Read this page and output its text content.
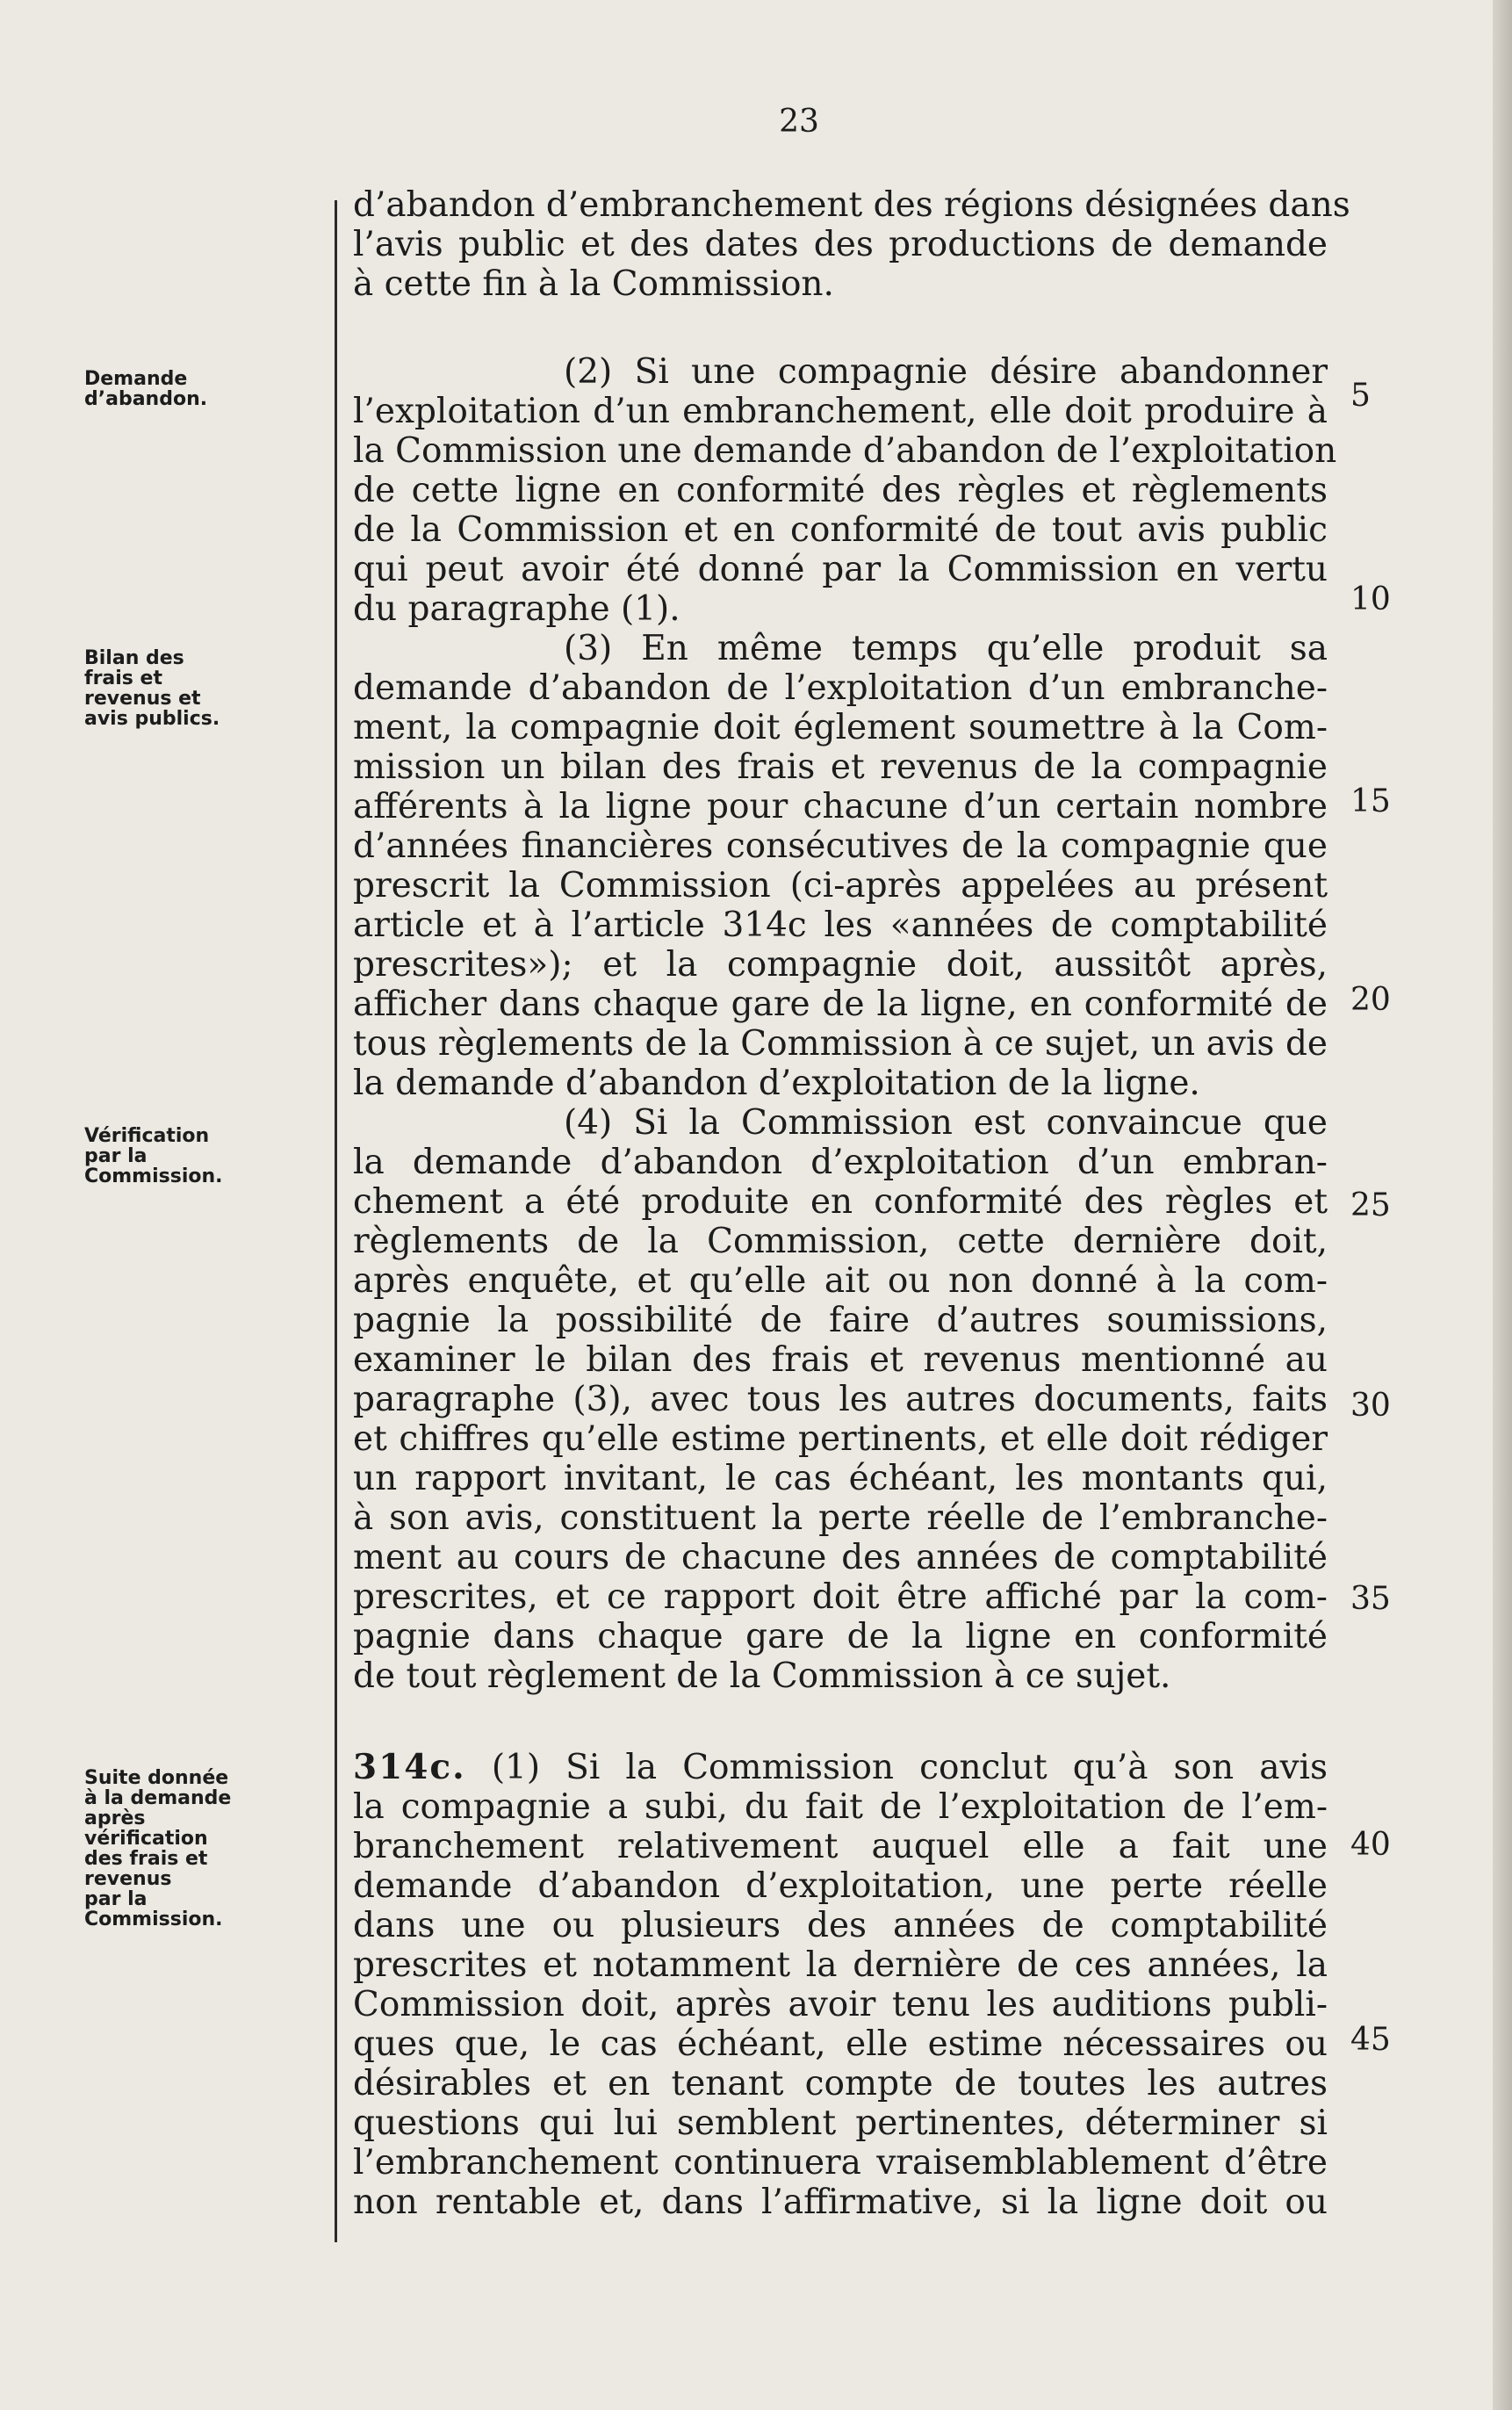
23
d’abandon d’embranchement des régions désignées dans
l’avis public et des dates des productions de demande
à cette fin à la Commission.
(2) Si une compagnie désire abandonner
l’exploitation d’un embranchement, elle doit produire à
la Commission une demande d’abandon de l’exploitation
de cette ligne en conformité des règles et règlements
de la Commission et en conformité de tout avis public
qui peut avoir été donné par la Commission en vertu
du paragraphe (1).
(3) En même temps qu’elle produit sa
demande d’abandon de l’exploitation d’un embranche-
ment, la compagnie doit églement soumettre à la Com-
mission un bilan des frais et revenus de la compagnie
afférents à la ligne pour chacune d’un certain nombre
d’années financières consécutives de la compagnie que
prescrit la Commission (ci-après appelées au présent
article et à l’article 314c les «années de comptabilité
prescrites»); et la compagnie doit, aussitôt après,
afficher dans chaque gare de la ligne, en conformité de
tous règlements de la Commission à ce sujet, un avis de
la demande d’abandon d’exploitation de la ligne.
(4) Si la Commission est convaincue que
la demande d’abandon d’exploitation d’un embran-
chement a été produite en conformité des règles et
règlements de la Commission, cette dernière doit,
après enquête, et qu’elle ait ou non donné à la com-
pagnie la possibilité de faire d’autres soumissions,
examiner le bilan des frais et revenus mentionné au
paragraphe (3), avec tous les autres documents, faits
et chiffres qu’elle estime pertinents, et elle doit rédiger
un rapport invitant, le cas échéant, les montants qui,
à son avis, constituent la perte réelle de l’embranche-
ment au cours de chacune des années de comptabilité
prescrites, et ce rapport doit être affiché par la com-
pagnie dans chaque gare de la ligne en conformité
de tout règlement de la Commission à ce sujet.
314c. (1) Si la Commission conclut qu’à son avis
la compagnie a subi, du fait de l’exploitation de l’em-
branchement relativement auquel elle a fait une
demande d’abandon d’exploitation, une perte réelle
dans une ou plusieurs des années de comptabilité
prescrites et notamment la dernière de ces années, la
Commission doit, après avoir tenu les auditions publi-
ques que, le cas échéant, elle estime nécessaires ou
désirables et en tenant compte de toutes les autres
questions qui lui semblent pertinentes, déterminer si
l’embranchement continuera vraisemblablement d’être
non rentable et, dans l’affirmative, si la ligne doit ou
Demande
d’abandon.
Bilan des
frais et
revenus et
avis publics.
Vérification
par la
Commission.
Suite donnée
à la demande
après
vérification
des frais et
revenus
par la
Commission.
5
10
15
20
25
30
35
40
45
